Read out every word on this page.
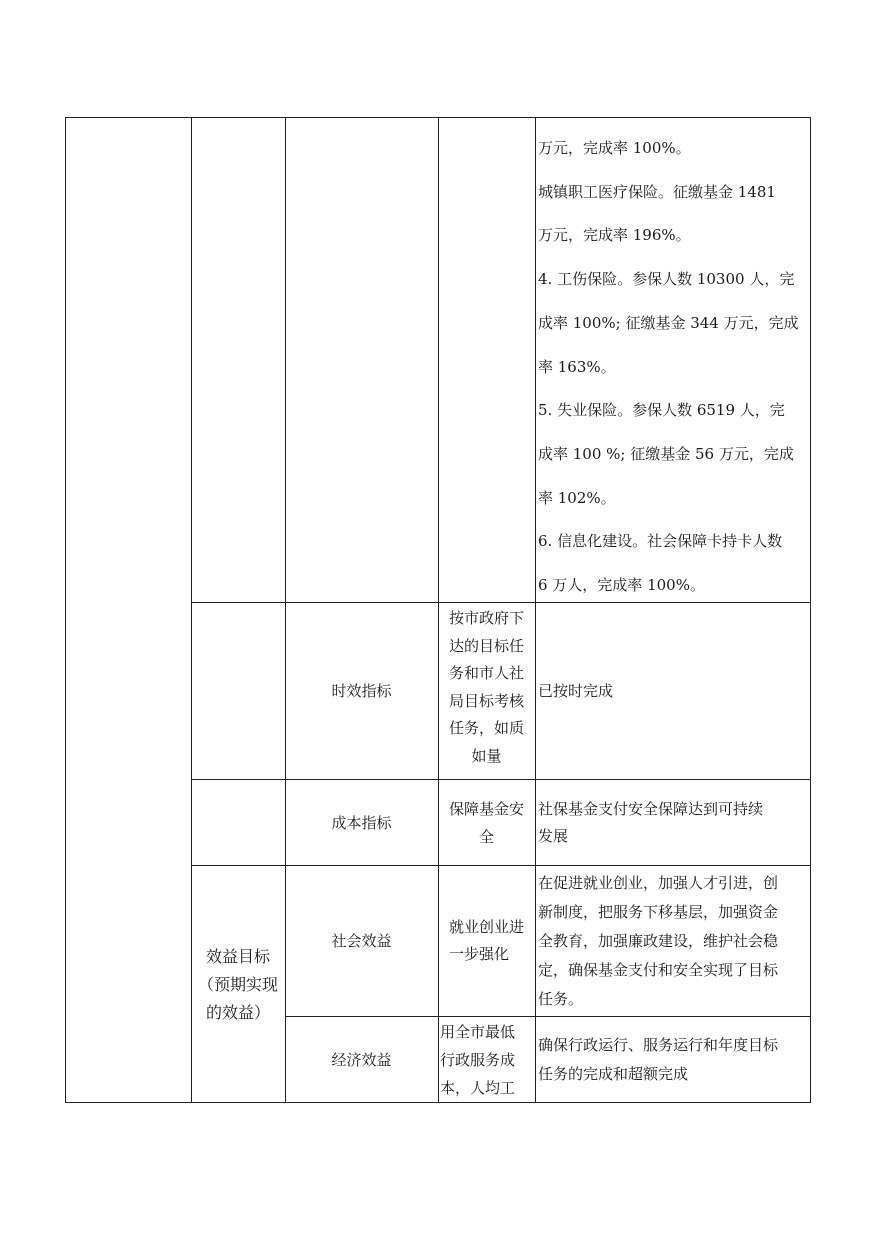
万元，完成率 100%。
城镇职工医疗保险。征缴基金 1481
万元，完成率 196%。
4. 工伤保险。参保人数 10300 人，完
成率 100%; 征缴基金 344 万元，完成
率 163%。
5. 失业保险。参保人数 6519 人，完
成率 100 %; 征缴基金 56 万元，完成
率 102%。
6. 信息化建设。社会保障卡持卡人数
6 万人，完成率 100%。
时效指标
按市政府下
达的目标任
务和市人社
局目标考核
任务，如质
如量
已按时完成
成本指标
保障基金安
全
社保基金支付安全保障达到可持续
发展
社会效益
就业创业进
一步强化
在促进就业创业，加强人才引进，创
新制度，把服务下移基层，加强资金
全教育，加强廉政建设，维护社会稳
定，确保基金支付和安全实现了目标
任务。
经济效益
用全市最低
行政服务成
本，人均工
确保行政运行、服务运行和年度目标
任务的完成和超额完成
效益目标
（预期实现
的效益）
